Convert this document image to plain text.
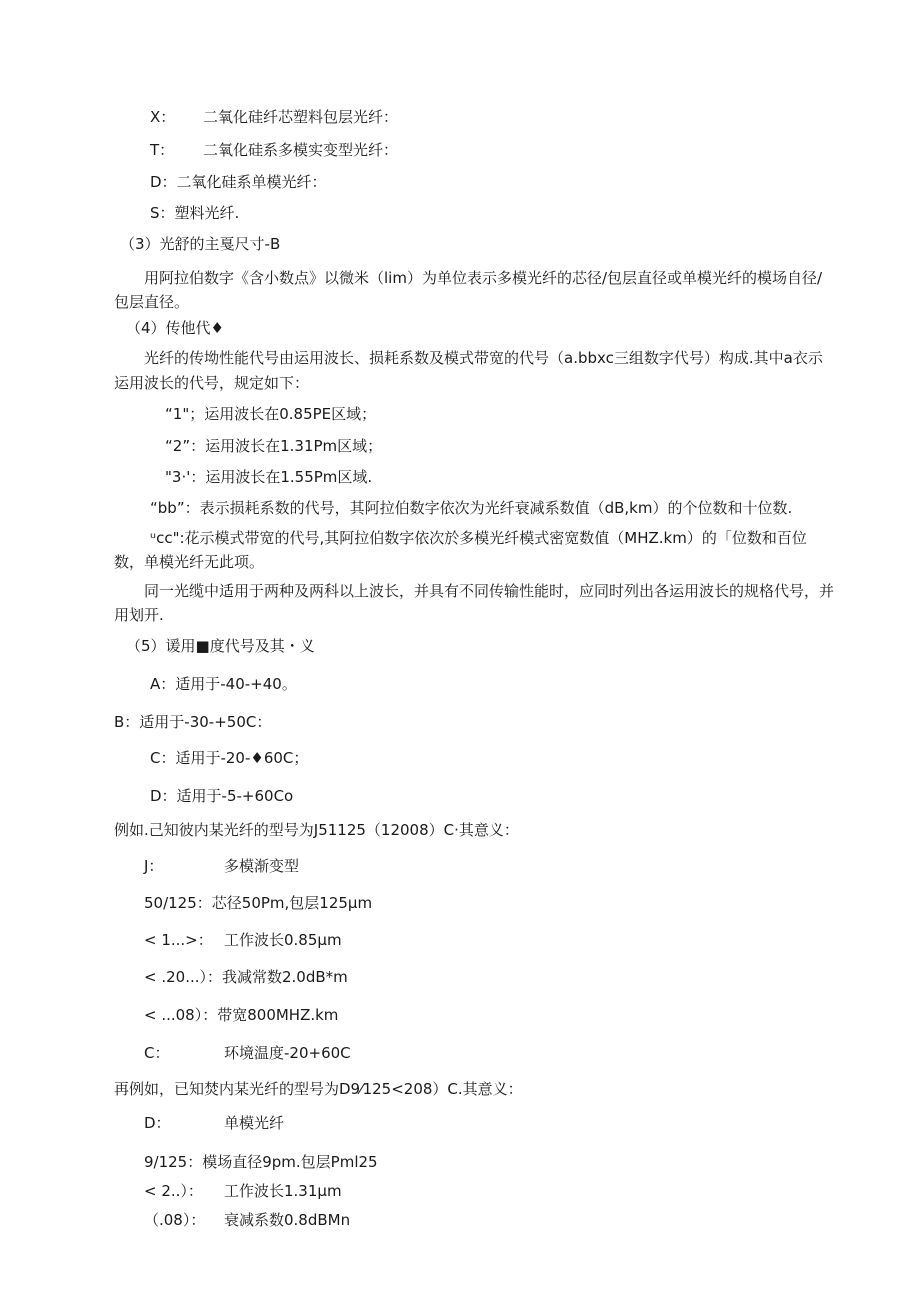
X： 二氧化硅纤芯塑料包层光纤：
T： 二氧化硅系多模实变型光纤：
D：二氧化硅系单模光纤：
S：塑料光纤.
（3）光舒的主戛尺寸-B
用阿拉伯数字《含小数点》以微米（lim）为单位表示多模光纤的芯径/包层直径或单模光纤的模场自径/
包层直径。
（4）传他代♦
光纤的传坳性能代号由运用波长、损耗系数及模式带宽的代号（a.bbxc三组数字代号）构成.其中a衣示
运用波长的代号，规定如下：
“1"；运用波长在0.85PE区域；
“2”：运用波长在1.31Pm区域；
"3·'：运用波长在1.55Pm区域.
“bb”：表示损耗系数的代号，其阿拉伯数字依次为光纤衰减系数值（dB,km）的个位数和十位数.
ᵘcc":花示模式带宽的代号,其阿拉伯数字依次於多模光纤模式密宽数值（MHZ.km）的「位数和百位
数，单模光纤无此项。
同一光缆中适用于两种及两科以上波长，并具有不同传输性能时，应同时列出各运用波长的规格代号，并
用划开.
（5）谖用■度代号及其・义
A：适用于-40-+40。
B：适用于-30-+50C：
C：适用于-20-♦60C；
D：适用于-5-+60Co
例如.己知彼内某光纤的型号为J51125（12008）C·其意义：
J：	多模渐变型
50/125：芯径50Pm,包层125μm
< 1...>： 工作波长0.85μm
< .20...）：我减常数2.0dB*m
< ...08）：带宽800MHZ.km
C：	环境温度-20+60C
再例如，已知焚内某光纤的型号为D9⁄125<208）C.其意义：
D：	单模光纤
9/125：模场直径9pm.包层Pml25
< 2..）： 工作波长1.31μm
（.08）： 衰减系数0.8dBMn
